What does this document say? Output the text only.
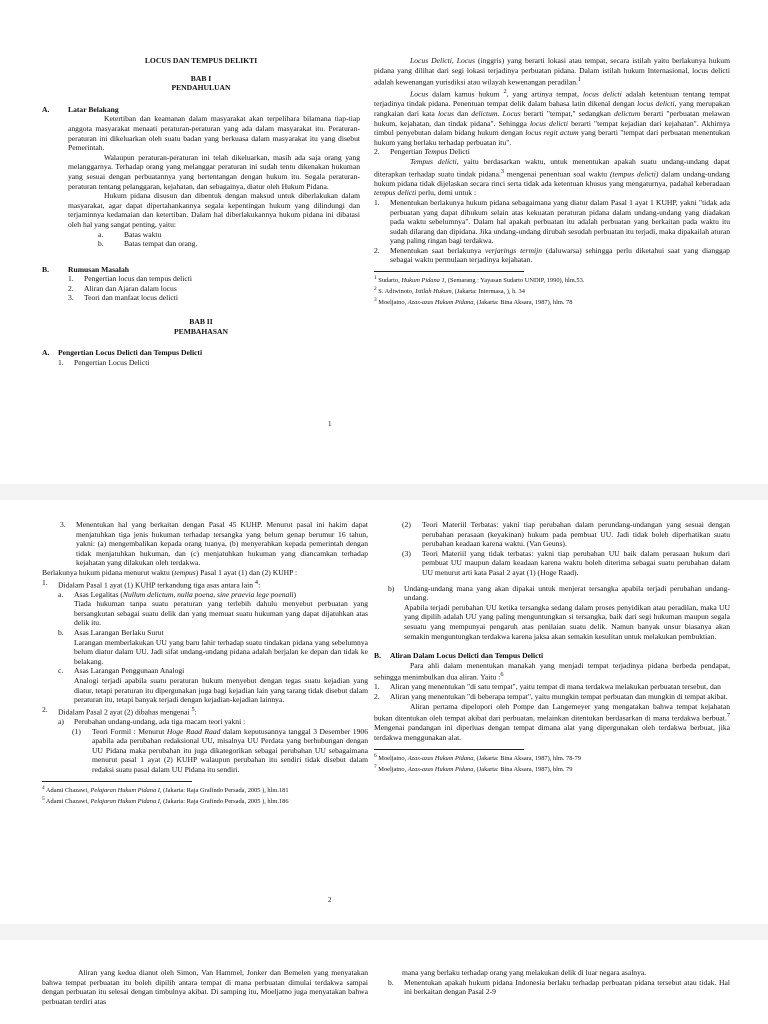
LOCUS DAN TEMPUS DELIKTI

BAB I

PENDAHULUAN

A.	Latar Belakang

Ketertiban dan keamanan dalam masyarakat akan terpelihara bilamana tiap-tiap anggota masyarakat menaati peraturan-peraturan yang ada dalam masyarakat itu. Peraturan-peraturan ini dikeluarkan oleh suatu badan yang berkuasa dalam masyarakat itu yang disebut Pemerintah.

Walaupun peraturan-peraturan ini telah dikeluarkan, masih ada saja orang yang melanggarnya. Terhadap orang yang melanggar peraturan ini sudah tentu dikenakan hukuman yang sesuai dengan perbuatannya yang bertentangan dengan hukum itu. Segala peraturan-peraturan tentang pelanggaran, kejahatan, dan sebagainya, diatur oleh Hukum Pidana.

Hukum pidana disusun dan dibentuk dengan maksud untuk diberlakukan dalam masyarakat, agar dapat dipertahankannya segala kepentingan hukum yang dilindungi dan terjaminnya kedamaian dan ketertiban. Dalam hal diberlakukannya hukum pidana ini dibatasi oleh hal yang sangat penting, yaitu:

a.	Batas waktu
b.	Batas tempat dan orang.
B.	Rumusan Masalah
1.	Pengertian locus dan tempus delicti
2.	Aliran dan Ajaran dalam locus
3.	Teori dan manfaat locus delicti

BAB II

PEMBAHASAN

A.	Pengertian Locus Delicti dan Tempus Delicti
1.	Pengertian Locus Delicti

Locus Delicti, Locus (inggris) yang berarti lokasi atau tempat, secara istilah yaitu berlakunya hukum pidana yang dilihat dari segi lokasi terjadinya perbuatan pidana. Dalam istilah hukum Internasional, locus delicti adalah kewenangan yurisdiksi atau wilayah kewenangan peradilan.$^1$

Locus dalam kamus hukum $^2$, yang artinya tempat, locus delicti adalah ketentuan tentang tempat terjadinya tindak pidana. Penentuan tempat delik dalam bahasa latin dikenal dengan locus delicti, yang merupakan rangkaian dari kata locus dan delictum. Locus berarti "tempat," sedangkan delictum berarti "perbuatan melawan hukum, kejahatan, dan tindak pidana". Sehingga locus delicti berarti "tempat kejadian dari kejahatan". Akhirnya timbul penyebutan dalam bidang hukum dengan locus regit actum yang berarti "tempat dari perbuatan menentukan hukum yang berlaku terhadap perbuatan itu".

2.	Pengertian Tempus Delicti

Tempus delicti, yaitu berdasarkan waktu, untuk menentukan apakah suatu undang-undang dapat diterapkan terhadap suatu tindak pidana.$^3$ mengenai penentuan soal waktu (tempus delicti) dalam undang-undang hukum pidana tidak dijelaskan secara rinci serta tidak ada ketentuan khusus yang mengaturnya, padahal keberadaan tempus delicti perlu, demi untuk :

1.	Menentukan berlakunya hukum pidana sebagaimana yang diatur dalam Pasal 1 ayat 1 KUHP, yakni "tidak ada perbuatan yang dapat dihukum selain atas kekuatan peraturan pidana dalam undang-undang yang diadakan pada waktu sebelumnya". Dalam hal apakah perbuatan itu adalah perbuatan yang berkaitan pada waktu itu sudah dilarang dan dipidana. Jika undang-undang dirubah sesudah perbuatan itu terjadi, maka dipakailah aturan yang paling ringan bagi terdakwa.
2.	Menentukan saat berlakunya verjarings termijn (daluwarsa) sehingga perlu diketahui saat yang dianggap sebagai waktu permulaan terjadinya kejahatan.
$^1$ Sudarto, Hukum Pidana 1, (Semarang : Yayasan Sudarto UNDIP, 1990), hlm.53.
$^2$ S. Adiwinoto, Istilah Hukum, (Jakarta: Intermasa, ), h. 34
$^3$ Moeljatno, Azas-azas Hukum Pidana, (Jakarta: Bina Aksara, 1987), hlm. 78
1
3.	Menentukan hal yang berkaitan dengan Pasal 45 KUHP. Menurut pasal ini hakim dapat menjatuhkan tiga jenis hukuman terhadap tersangka yang belum genap berumur 16 tahun, yakni: (a) mengembalikan kepada orang tuanya, (b) menyerahkan kepada pemerintah dengan tidak menjatuhkan hukuman, dan (c) menjatuhkan hukuman yang diancamkan terhadap kejahatan yang dilakukan oleh terdakwa.

Berlakunya hukum pidana menurut waktu (tempus) Pasal 1 ayat (1) dan (2) KUHP :

1.	Didalam Pasal 1 ayat (1) KUHP terkandung tiga asas antara lain $^4$:
a.	Asas Legalitas (Nullum delictum, nulla poena, sine praevia lege poenali)
Tiada hukuman tanpa suatu peraturan yang terlebih dahulu menyebut perbuatan yang bersangkutan sebagai suatu delik dan yang memuat suatu hukuman yang dapat dijatuhkan atas delik itu.
b.	Asas Larangan Berlaku Surut
Larangan memberlakukan UU yang baru lahir terhadap suatu tindakan pidana yang sebelumnya belum diatur dalam UU. Jadi sifat undang-undang pidana adalah berjalan ke depan dan tidak ke belakang.
c.	Asas Larangan Penggunaan Analogi
Analogi terjadi apabila suatu peraturan hukum menyebut dengan tegas suatu kejadian yang diatur, tetapi peraturan itu dipergunakan juga bagi kejadian lain yang tarang tidak disebut dalam peraturan itu, tetapi banyak terjadi dengan kejadian-kejadian lainnya.
2.	Didalam Pasal 2 ayat (2) dibahas mengenai $^5$:
a)	Perubahan undang-undang, ada tiga macam teori yakni :
(1)	Teori Formil : Menurut Hoge Raad Raad dalam keputusannya tanggal 3 Desember 1906 apabila ada perubahan redaksional UU, misalnya UU Perdata yang berhubungan dengan UU Pidana maka perubahan itu juga dikategorikan sebagai perubahan UU sebagaimana menurut pasal 1 ayat (2) KUHP walaupun perubahan itu sendiri tidak disebut dalam redaksi suatu pasal dalam UU Pidana itu sendiri.
$^4$ Adami Chazawi, Pelajaran Hukum Pidana I, (Jakarta: Raja Grafindo Persada, 2005 ), hlm.181
$^5$ Adami Chazawi, Pelajaran Hukum Pidana I, (Jakarta: Raja Grafindo Persada, 2005 ), hlm.186
(2)	Teori Materiil Terbatas: yakni tiap perubahan dalam perundang-undangan yang sesuai dengan perubahan perasaan (keyakinan) hukum pada pembuat UU. Jadi tidak boleh diperhatikan suatu perubahan keadaan karena waktu. (Van Geuns).
(3)	Teori Materiil yang tidak terbatas: yakni tiap perubahan UU baik dalam perasaan hukum dari pembuat UU maupun dalam keadaan karena waktu boleh diterima sebagai suatu perubahan dalam UU menurut arti kata Pasal 2 ayat (1) (Hoge Raad).
b)	Undang-undang mana yang akan dipakai untuk menjerat tersangka apabila terjadi perubahan undang-undang.
Apabila terjadi perubahan UU ketika tersangka sedang dalam proses penyidikan atau peradilan, maka UU yang dipilih adalah UU yang paling menguntungkan si tersangka, baik dari segi hukuman maupun segala sesuatu yang mempunyai pengaruh atas penilaian suatu delik. Namun banyak unsur biasanya akan semakin menguntungkan terdakwa karena jaksa akan semakin kesulitan untuk melakukan pembuktian.
B.	Aliran Dalam Locus Delicti dan Tempus Delicti

Para ahli dalam menentukan manakah yang menjadi tempat terjadinya pidana berbeda pendapat, sehingga menimbulkan dua aliran. Yaitu :$^6$

1.	Aliran yang menentukan "di satu tempat", yaitu tempat di mana terdakwa melakukan perbuatan tersebut, dan
2.	Aliran yang menentukan "di beberapa tempat", yaitu mungkin tempat perbuatan dan mungkin di tempat akibat.

Aliran pertama dipelopori oleh Pompe dan Langemeyer yang mengatakan bahwa tempat kejahatan bukan ditentukan oleh tempat akibat dari perbuatan, melainkan ditentukan berdasarkan di mana terdakwa berbuat.$^7$ Mengenai pandangan ini diperluas dengan tempat dimana alat yang dipergunakan oleh terdakwa berbuat, jika terdakwa menggunakan alat.

$^6$ Moeljatno, Azas-azas Hukum Pidana, (Jakarta: Bina Aksara, 1987), hlm. 78-79
$^7$ Moeljatno, Azas-azas Hukum Pidana, (Jakarta: Bina Aksara, 1987), hlm. 79
2

Aliran yang kedua dianut oleh Simon, Van Hammel, Jonker dan Bemelen yang menyatakan bahwa tempat perbuatan itu boleh dipilih antara tempat di mana perbuatan dimulai terdakwa sampai dengan perbuatan itu selesai dengan timbulnya akibat. Di samping itu, Moeljatno juga menyatakan bahwa perbuatan terdiri atas

mana yang berlaku terhadap orang yang melakukan delik di luar negara asalnya.

b.	Menentukan apakah hukum pidana Indonesia berlaku terhadap perbuatan pidana tersebut atau tidak. Hal ini berkaitan dengan Pasal 2-9
